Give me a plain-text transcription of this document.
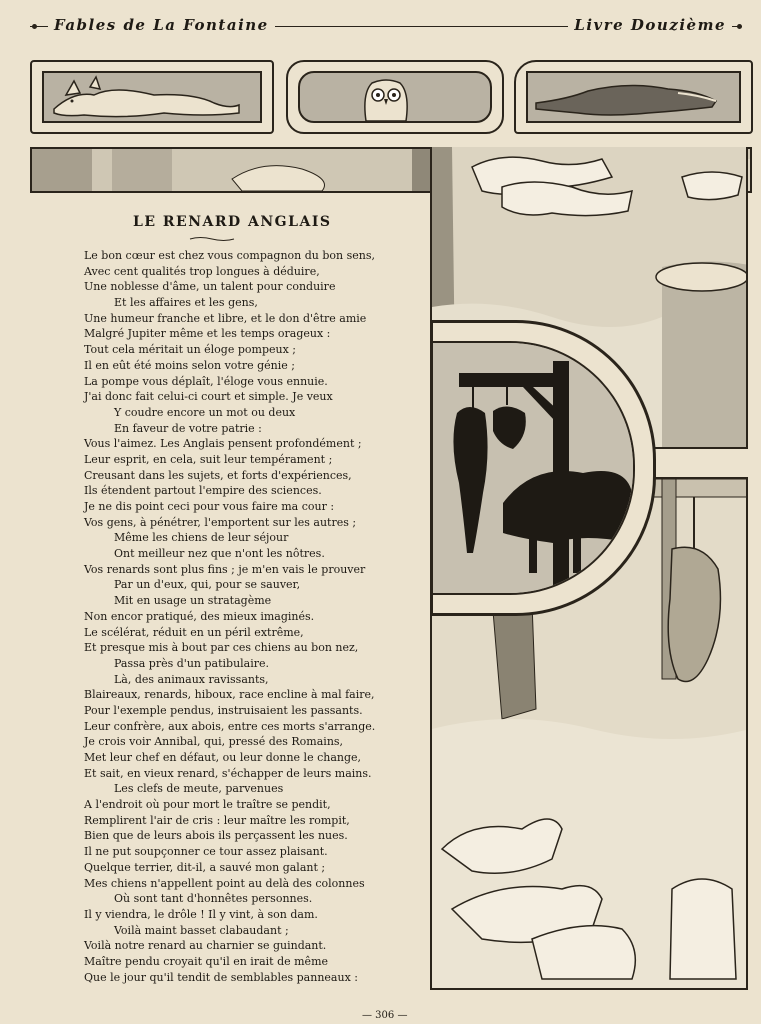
Fables de La Fontaine	Livre Douzième
LE RENARD ANGLAIS
Le bon cœur est chez vous compagnon du bon sens,
Avec cent qualités trop longues à déduire,
Une noblesse d'âme, un talent pour conduire
Et les affaires et les gens,
Une humeur franche et libre, et le don d'être amie
Malgré Jupiter même et les temps orageux :
Tout cela méritait un éloge pompeux ;
Il en eût été moins selon votre génie ;
La pompe vous déplaît, l'éloge vous ennuie.
J'ai donc fait celui-ci court et simple. Je veux
Y coudre encore un mot ou deux
En faveur de votre patrie :
Vous l'aimez. Les Anglais pensent profondément ;
Leur esprit, en cela, suit leur tempérament ;
Creusant dans les sujets, et forts d'expériences,
Ils étendent partout l'empire des sciences.
Je ne dis point ceci pour vous faire ma cour :
Vos gens, à pénétrer, l'emportent sur les autres ;
Même les chiens de leur séjour
Ont meilleur nez que n'ont les nôtres.
Vos renards sont plus fins ; je m'en vais le prouver
Par un d'eux, qui, pour se sauver,
Mit en usage un stratagème
Non encor pratiqué, des mieux imaginés.
Le scélérat, réduit en un péril extrême,
Et presque mis à bout par ces chiens au bon nez,
Passa près d'un patibulaire.
Là, des animaux ravissants,
Blaireaux, renards, hiboux, race encline à mal faire,
Pour l'exemple pendus, instruisaient les passants.
Leur confrère, aux abois, entre ces morts s'arrange.
Je crois voir Annibal, qui, pressé des Romains,
Met leur chef en défaut, ou leur donne le change,
Et sait, en vieux renard, s'échapper de leurs mains.
Les clefs de meute, parvenues
A l'endroit où pour mort le traître se pendit,
Remplirent l'air de cris : leur maître les rompit,
Bien que de leurs abois ils perçassent les nues.
Il ne put soupçonner ce tour assez plaisant.
Quelque terrier, dit-il, a sauvé mon galant ;
Mes chiens n'appellent point au delà des colonnes
Où sont tant d'honnêtes personnes.
Il y viendra, le drôle ! Il y vint, à son dam.
Voilà maint basset clabaudant ;
Voilà notre renard au charnier se guindant.
Maître pendu croyait qu'il en irait de même
Que le jour qu'il tendit de semblables panneaux :
— 306 —
